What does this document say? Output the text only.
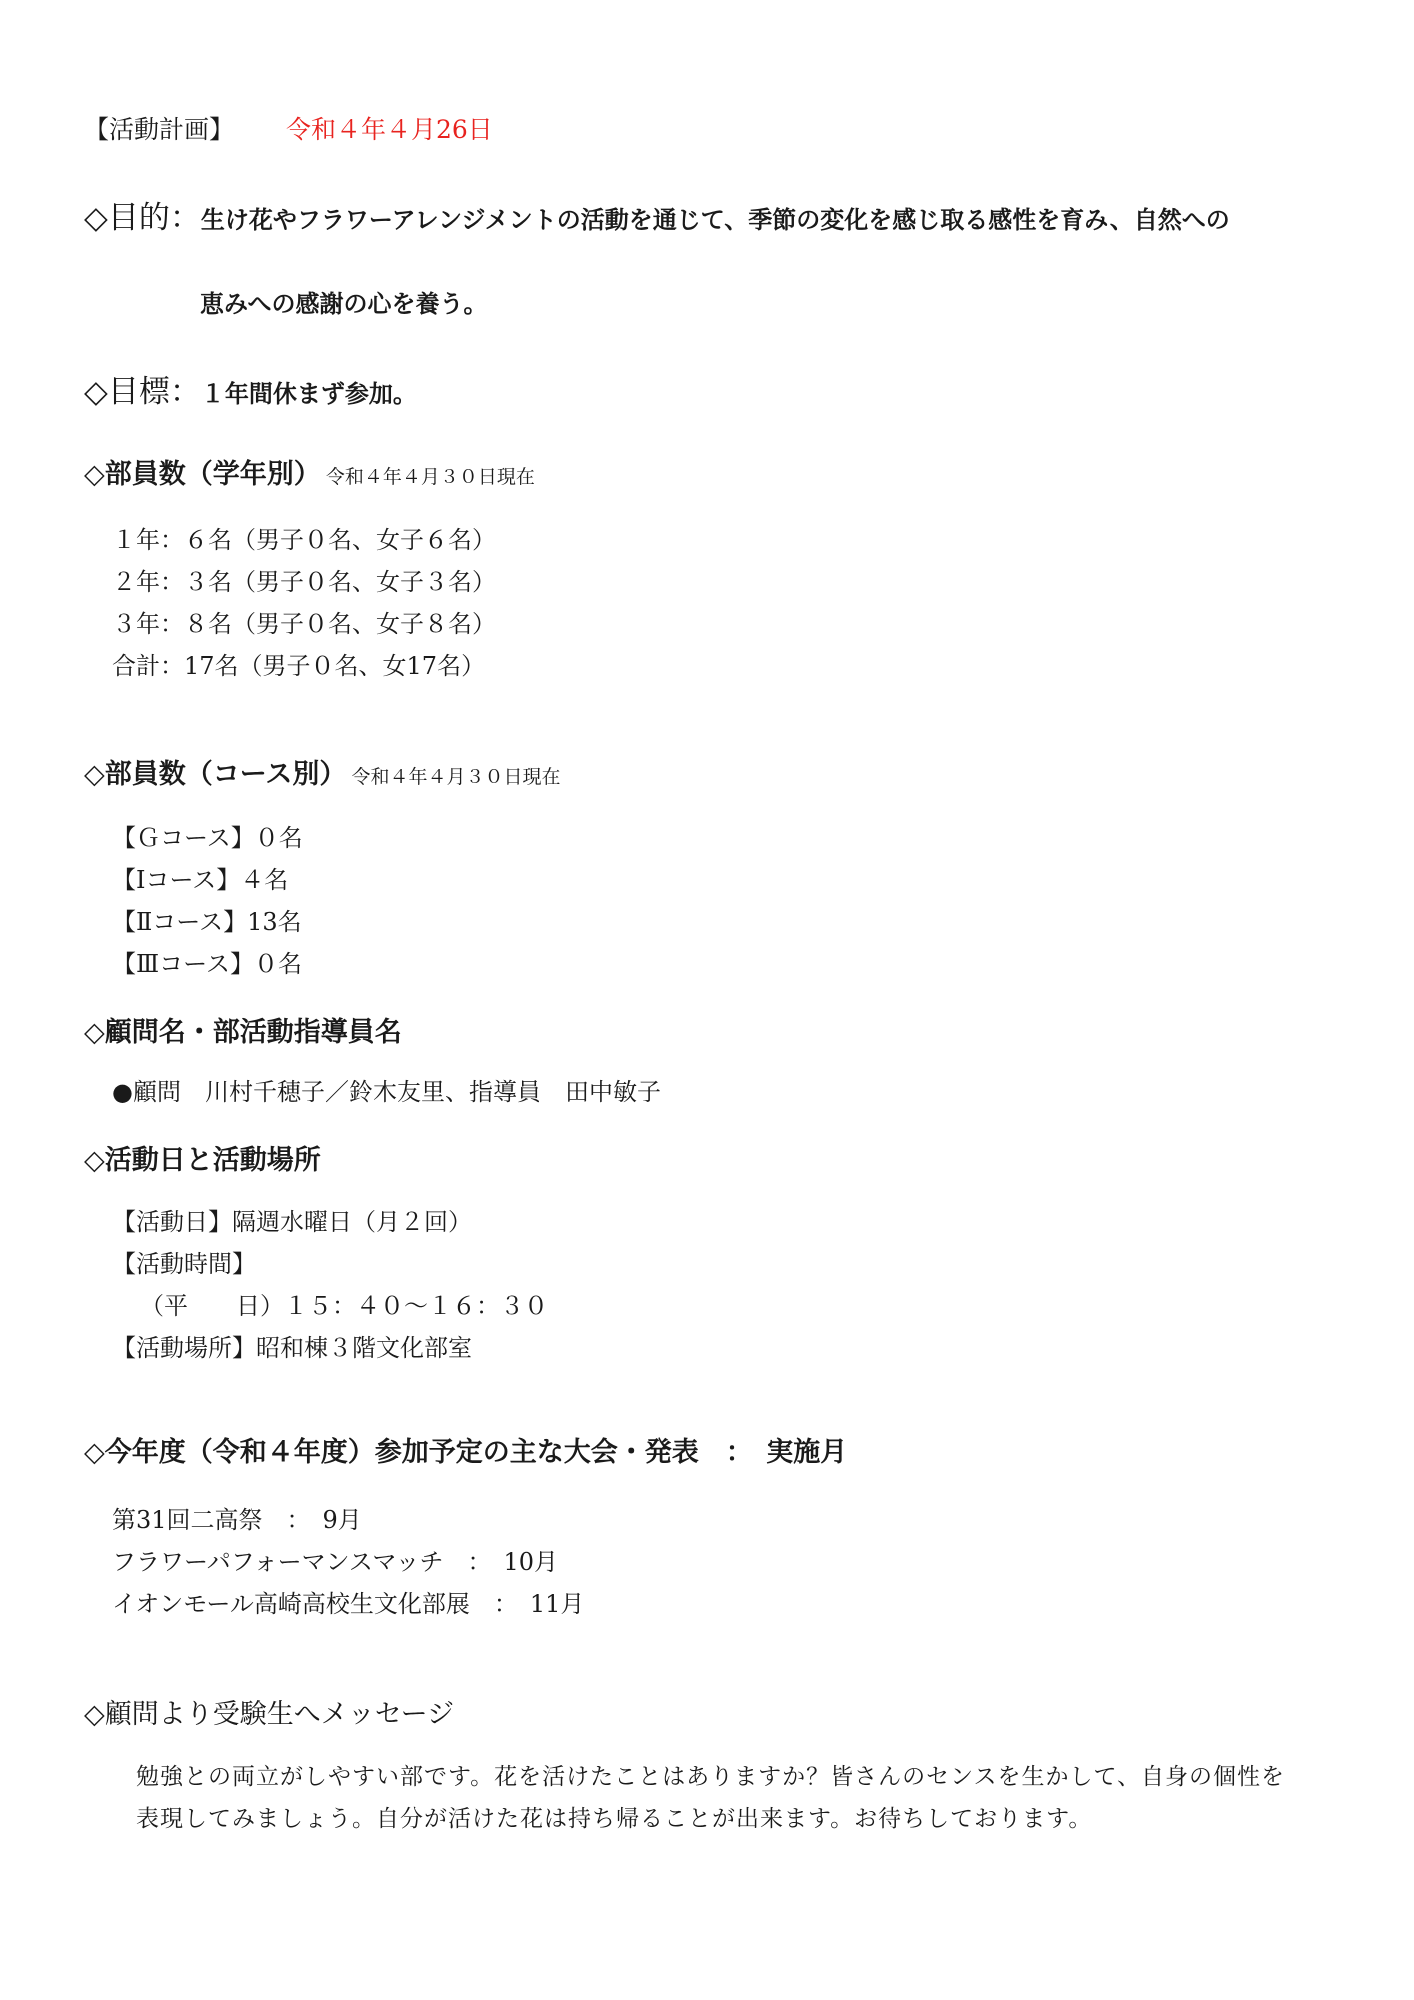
【活動計画】 令和４年４月26日
◇目的：生け花やフラワーアレンジメントの活動を通じて、季節の変化を感じ取る感性を育み、自然への
恵みへの感謝の心を養う。
◇目標：１年間休まず参加。
◇部員数（学年別） 令和４年４月３０日現在
１年：６名（男子０名、女子６名）
２年：３名（男子０名、女子３名）
３年：８名（男子０名、女子８名）
合計：17名（男子０名、女17名）
◇部員数（コース別） 令和４年４月３０日現在
【Ｇコース】０名
【Ⅰコース】４名
【Ⅱコース】13名
【Ⅲコース】０名
◇顧問名・部活動指導員名
●顧問　川村千穂子／鈴木友里、指導員　田中敏子
◇活動日と活動場所
【活動日】隔週水曜日（月２回）
【活動時間】
（平　　日）１５：４０～１６：３０
【活動場所】昭和棟３階文化部室
◇今年度（令和４年度）参加予定の主な大会・発表　：　実施月
第31回二高祭　：　9月
フラワーパフォーマンスマッチ　：　10月
イオンモール高崎高校生文化部展　：　11月
◇顧問より受験生へメッセージ
勉強との両立がしやすい部です。花を活けたことはありますか？皆さんのセンスを生かして、自身の個性を
表現してみましょう。自分が活けた花は持ち帰ることが出来ます。お待ちしております。
